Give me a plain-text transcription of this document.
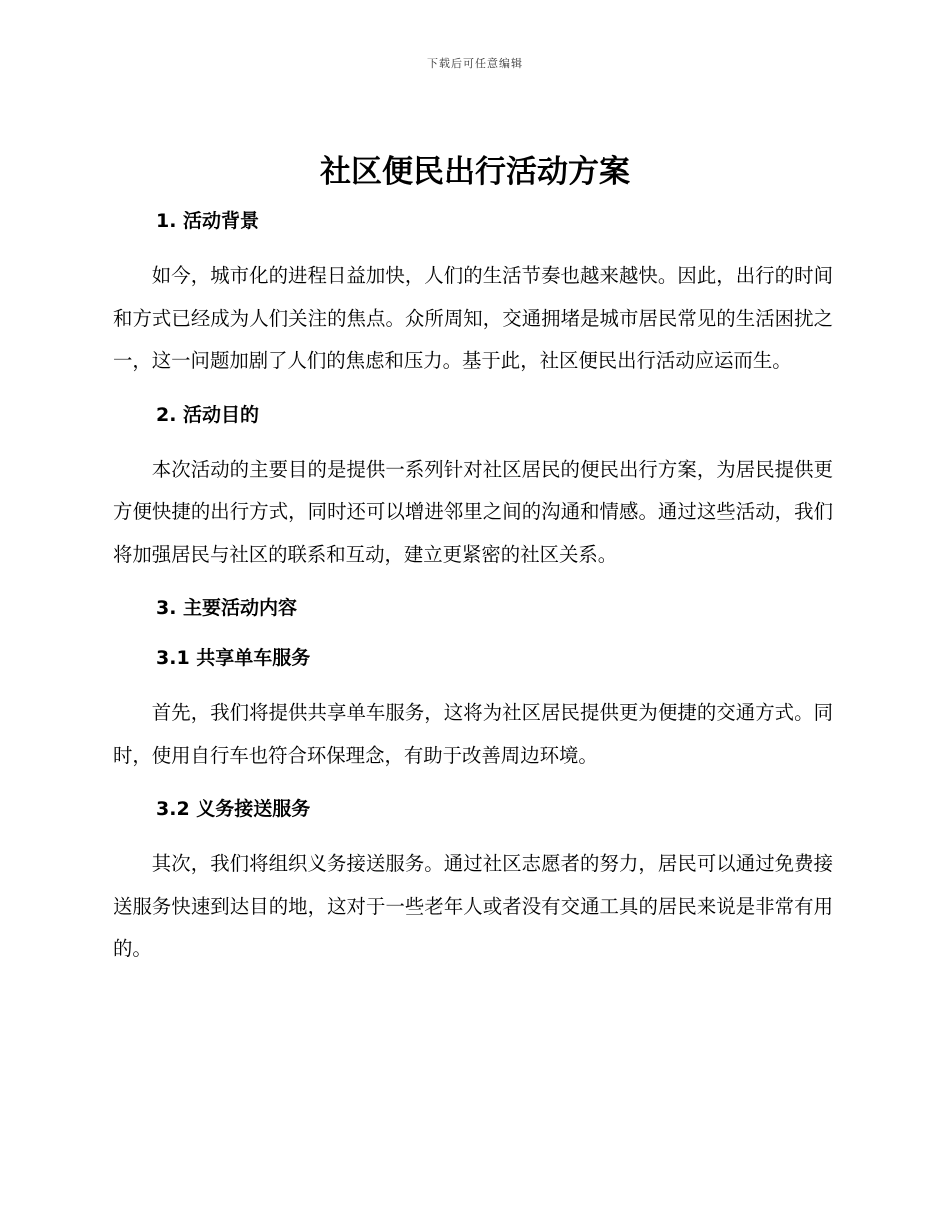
下载后可任意编辑
社区便民出行活动方案
1. 活动背景

如今，城市化的进程日益加快，人们的生活节奏也越来越快。因此，出行的时间和方式已经成为人们关注的焦点。众所周知，交通拥堵是城市居民常见的生活困扰之一，这一问题加剧了人们的焦虑和压力。基于此，社区便民出行活动应运而生。

2. 活动目的

本次活动的主要目的是提供一系列针对社区居民的便民出行方案，为居民提供更方便快捷的出行方式，同时还可以增进邻里之间的沟通和情感。通过这些活动，我们将加强居民与社区的联系和互动，建立更紧密的社区关系。

3. 主要活动内容
3.1 共享单车服务

首先，我们将提供共享单车服务，这将为社区居民提供更为便捷的交通方式。同时，使用自行车也符合环保理念，有助于改善周边环境。

3.2 义务接送服务

其次，我们将组织义务接送服务。通过社区志愿者的努力，居民可以通过免费接送服务快速到达目的地，这对于一些老年人或者没有交通工具的居民来说是非常有用的。
